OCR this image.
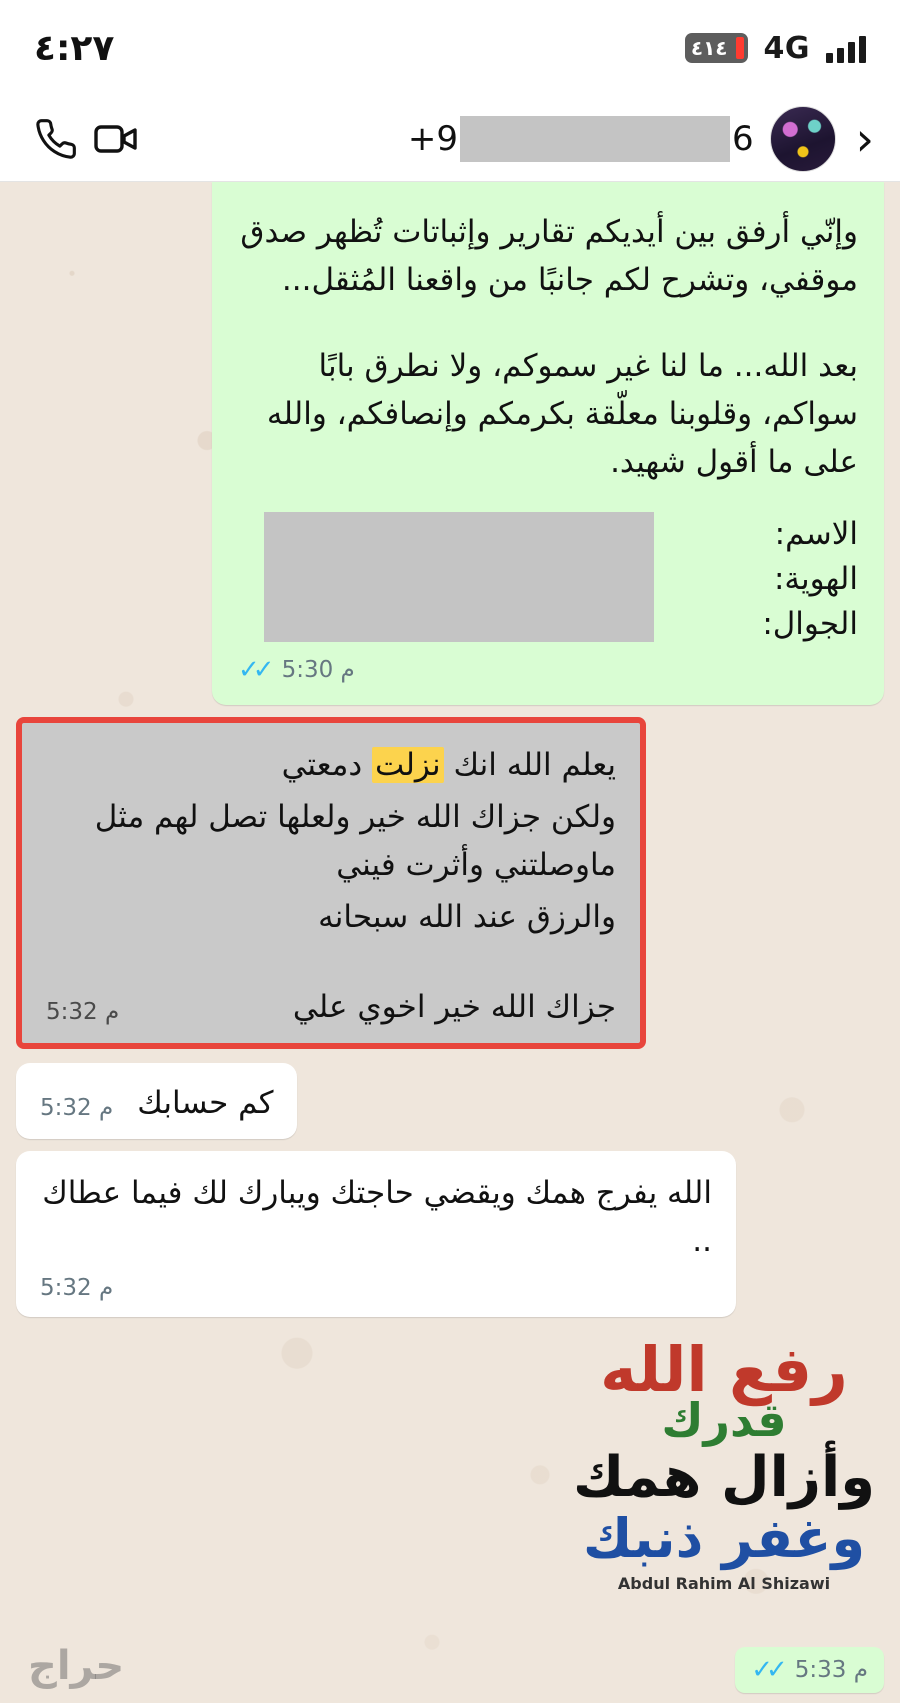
٤١٤	4G
٤:٢٧
+9	6 ›

وإنّي أرفق بين أيديكم تقارير وإثباتات تُظهر صدق موقفي، وتشرح لكم جانبًا من واقعنا المُثقل...

بعد الله... ما لنا غير سموكم، ولا نطرق بابًا سواكم، وقلوبنا معلّقة بكرمكم وإنصافكم، والله على ما أقول شهيد.

الاسم:
الهوية:
الجوال:
✓✓ 5:30 م

يعلم الله انك نزلت دمعتي

ولكن جزاك الله خير ولعلها تصل لهم مثل ماوصلتني وأثرت فيني

والرزق عند الله سبحانه

5:32 م	جزاك الله خير اخوي علي
5:32 م كم حسابك

الله يفرج همك ويقضي حاجتك ويبارك لك فيما عطاك ..

5:32 م
رفع الله
قدرك
وأزال همك
وغفر ذنبك
Abdul Rahim Al Shizawi
✓✓ 5:33 م
حراج
